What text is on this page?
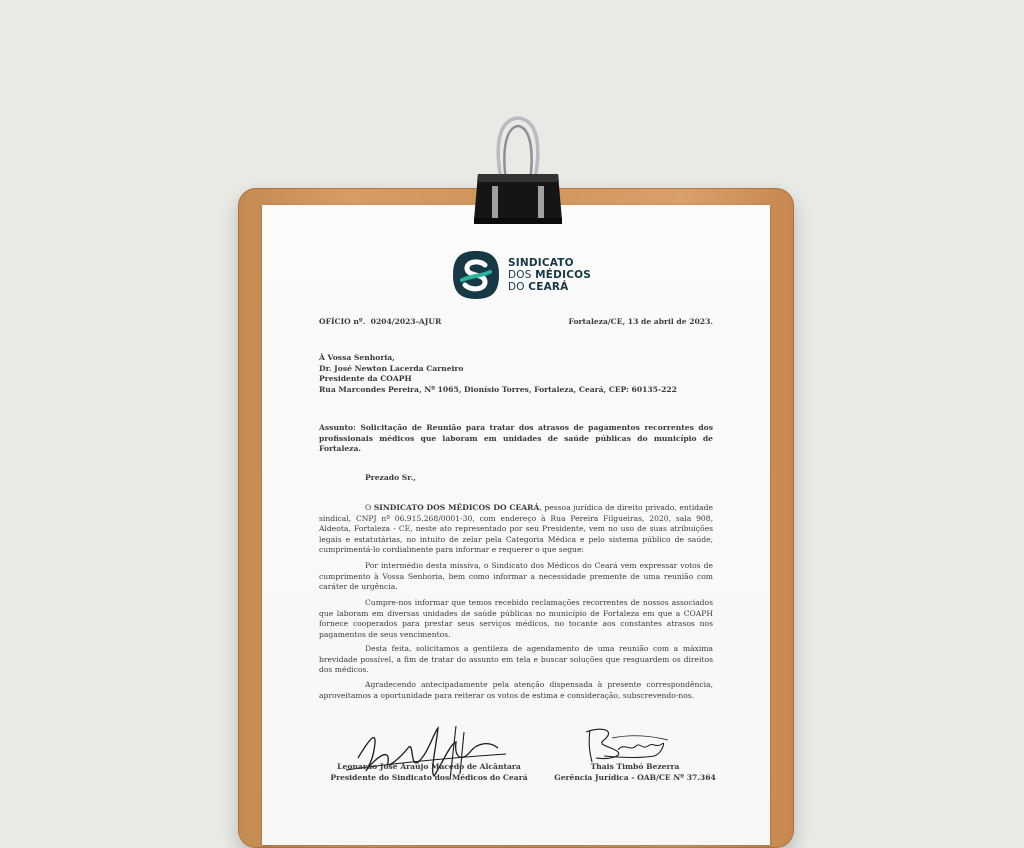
SINDICATO
DOS MÉDICOS
DO CEARÁ
OFÍCIO nº.  0204/2023-AJUR	Fortaleza/CE, 13 de abril de 2023.
À Vossa Senhoria,
Dr. José Newton Lacerda Carneiro
Presidente da COAPH
Rua Marcondes Pereira, Nº 1065, Dionísio Torres, Fortaleza, Ceará, CEP: 60135-222
Assunto: Solicitação de Reunião para tratar dos atrasos de pagamentos recorrentes dos profissionais médicos que laboram em unidades de saúde públicas do município de Fortaleza.
Prezado Sr.,
O SINDICATO DOS MÉDICOS DO CEARÁ, pessoa jurídica de direito privado, entidade sindical, CNPJ nº 06.915.268/0001-30, com endereço à Rua Pereira Filgueiras, 2020, sala 908, Aldeota, Fortaleza - CE, neste ato representado por seu Presidente, vem no uso de suas atribuições legais e estatutárias, no intuito de zelar pela Categoria Médica e pelo sistema público de saúde, cumprimentá-lo cordialmente para informar e requerer o que segue:
Por intermédio desta missiva, o Sindicato dos Médicos do Ceará vem expressar votos de cumprimento à Vossa Senhoria, bem como informar a necessidade premente de uma reunião com caráter de urgência.
Cumpre-nos informar que temos recebido reclamações recorrentes de nossos associados que laboram em diversas unidades de saúde públicas no município de Fortaleza em que a COAPH fornece cooperados para prestar seus serviços médicos, no tocante aos constantes atrasos nos pagamentos de seus vencimentos.
Desta feita, solicitamos a gentileza de agendamento de uma reunião com a máxima brevidade possível, a fim de tratar do assunto em tela e buscar soluções que resguardem os direitos dos médicos.
Agradecendo antecipadamente pela atenção dispensada à presente correspondência, aproveitamos a oportunidade para reiterar os votos de estima e consideração, subscrevendo-nos.
Leonardo José Araújo Macedo de Alcântara
Presidente do Sindicato dos Médicos do Ceará
Thais Timbó Bezerra
Gerência Jurídica - OAB/CE Nº 37.364
